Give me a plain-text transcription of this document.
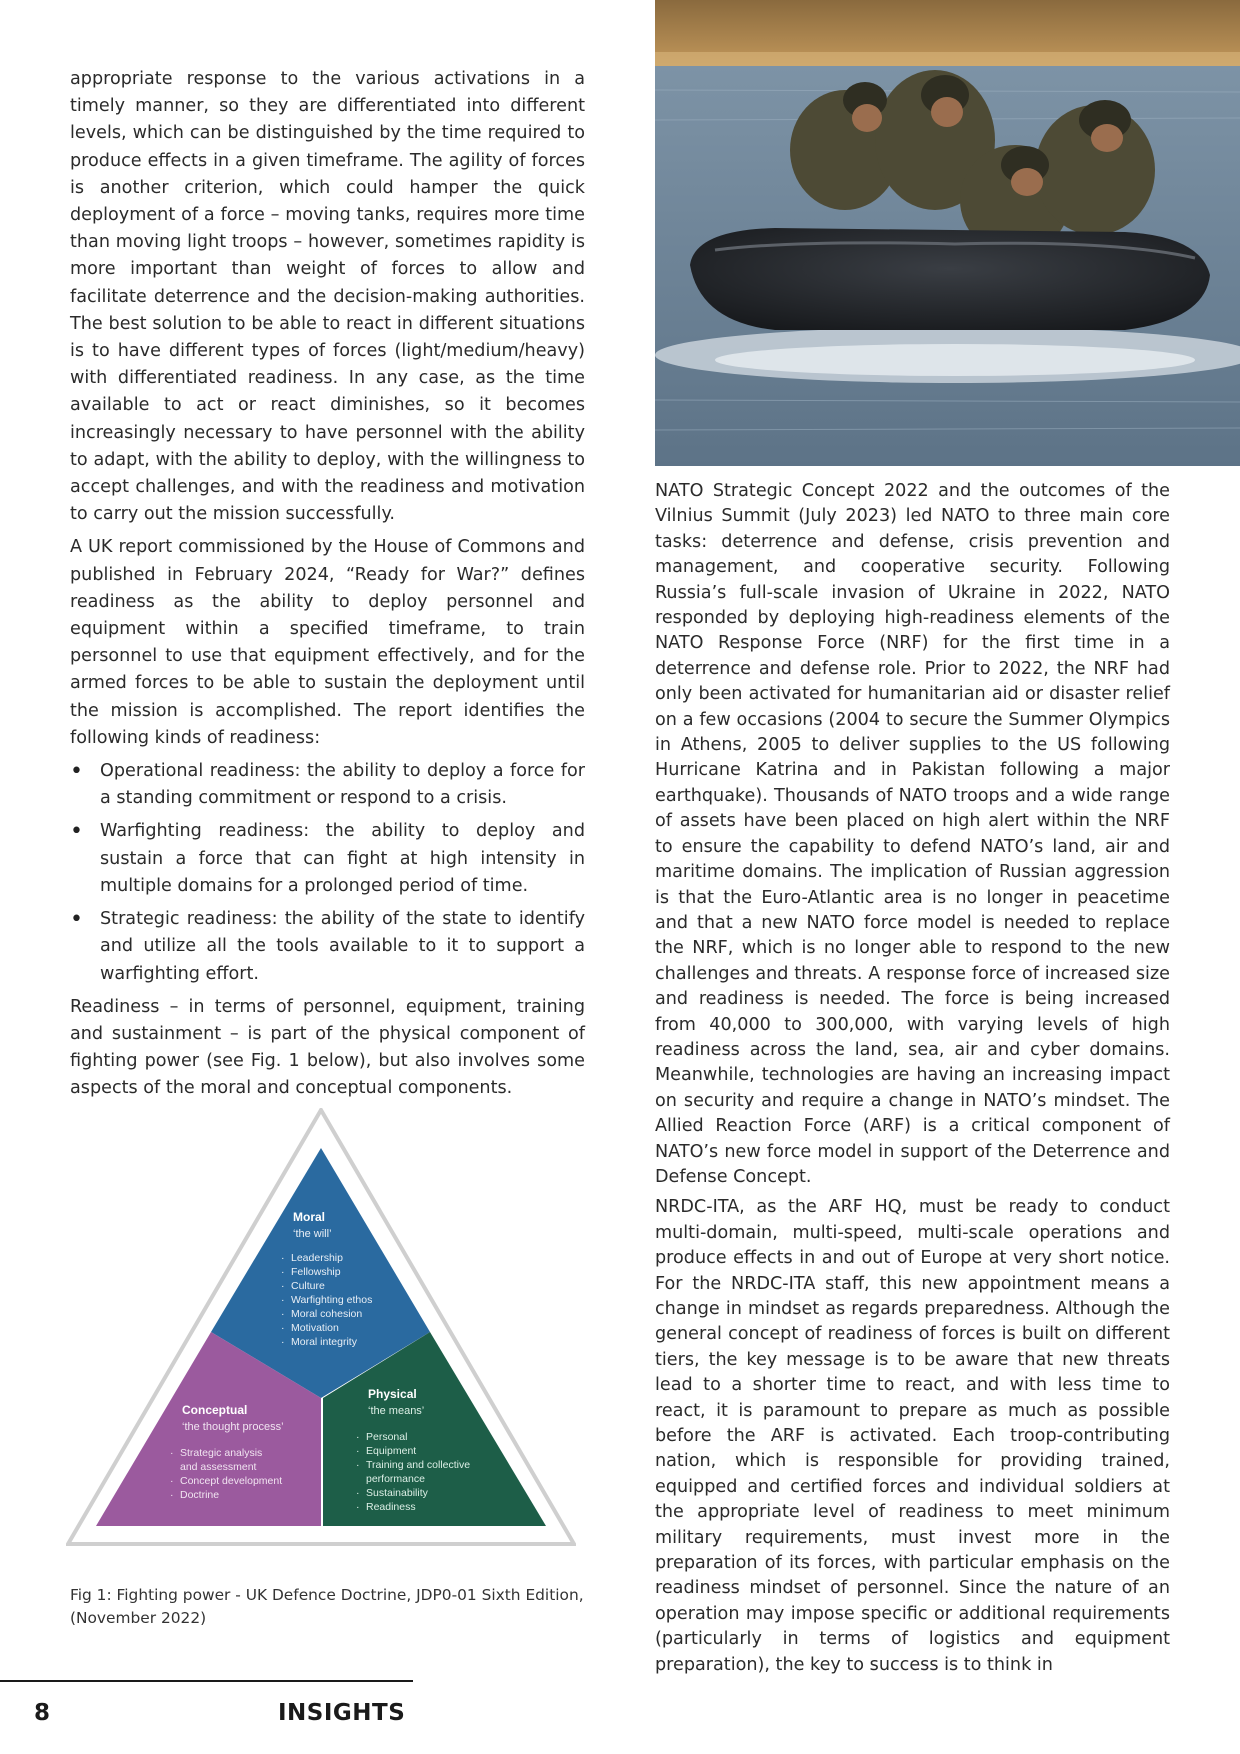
appropriate response to the various activations in a timely manner, so they are differentiated into different levels, which can be distinguished by the time required to produce effects in a given timeframe. The agility of forces is another criterion, which could hamper the quick deployment of a force – moving tanks, requires more time than moving light troops – however, sometimes rapidity is more important than weight of forces to allow and facilitate deterrence and the decision-making authorities. The best solution to be able to react in different situations is to have different types of forces (light/medium/heavy) with differentiated readiness. In any case, as the time available to act or react diminishes, so it becomes increasingly necessary to have personnel with the ability to adapt, with the ability to deploy, with the willingness to accept challenges, and with the readiness and motivation to carry out the mission successfully.

A UK report commissioned by the House of Commons and published in February 2024, “Ready for War?” defines readiness as the ability to deploy personnel and equipment within a specified timeframe, to train personnel to use that equipment effectively, and for the armed forces to be able to sustain the deployment until the mission is accomplished. The report identifies the following kinds of readiness:

• Operational readiness: the ability to deploy a force for a standing commitment or respond to a crisis.
• Warfighting readiness: the ability to deploy and sustain a force that can fight at high intensity in multiple domains for a prolonged period of time.
• Strategic readiness: the ability of the state to identify and utilize all the tools available to it to support a warfighting effort.

Readiness – in terms of personnel, equipment, training and sustainment – is part of the physical component of fighting power (see Fig. 1 below), but also involves some aspects of the moral and conceptual components.

Moral
‘the will’
· Leadership
· Fellowship
· Culture
· Warfighting ethos
· Moral cohesion
· Motivation
· Moral integrity
Conceptual
‘the thought process’
· Strategic analysis
and assessment
· Concept development
· Doctrine
Physical
‘the means’
· Personal
· Equipment
· Training and collective
performance
· Sustainability
· Readiness
Fig 1: Fighting power - UK Defence Doctrine, JDP0-01 Sixth Edition, (November 2022)

NATO Strategic Concept 2022 and the outcomes of the Vilnius Summit (July 2023) led NATO to three main core tasks: deterrence and defense, crisis prevention and management, and cooperative security. Following Russia’s full-scale invasion of Ukraine in 2022, NATO responded by deploying high-readiness elements of the NATO Response Force (NRF) for the first time in a deterrence and defense role. Prior to 2022, the NRF had only been activated for humanitarian aid or disaster relief on a few occasions (2004 to secure the Summer Olympics in Athens, 2005 to deliver supplies to the US following Hurricane Katrina and in Pakistan following a major earthquake). Thousands of NATO troops and a wide range of assets have been placed on high alert within the NRF to ensure the capability to defend NATO’s land, air and maritime domains. The implication of Russian aggression is that the Euro-Atlantic area is no longer in peacetime and that a new NATO force model is needed to replace the NRF, which is no longer able to respond to the new challenges and threats. A response force of increased size and readiness is needed. The force is being increased from 40,000 to 300,000, with varying levels of high readiness across the land, sea, air and cyber domains. Meanwhile, technologies are having an increasing impact on security and require a change in NATO’s mindset. The Allied Reaction Force (ARF) is a critical component of NATO’s new force model in support of the Deterrence and Defense Concept.

NRDC-ITA, as the ARF HQ, must be ready to conduct multi-domain, multi-speed, multi-scale operations and produce effects in and out of Europe at very short notice. For the NRDC-ITA staff, this new appointment means a change in mindset as regards preparedness. Although the general concept of readiness of forces is built on different tiers, the key message is to be aware that new threats lead to a shorter time to react, and with less time to react, it is paramount to prepare as much as possible before the ARF is activated. Each troop-contributing nation, which is responsible for providing trained, equipped and certified forces and individual soldiers at the appropriate level of readiness to meet minimum military requirements, must invest more in the preparation of its forces, with particular emphasis on the readiness mindset of personnel. Since the nature of an operation may impose specific or additional requirements (particularly in terms of logistics and equipment preparation), the key to success is to think in

8	INSIGHTS
